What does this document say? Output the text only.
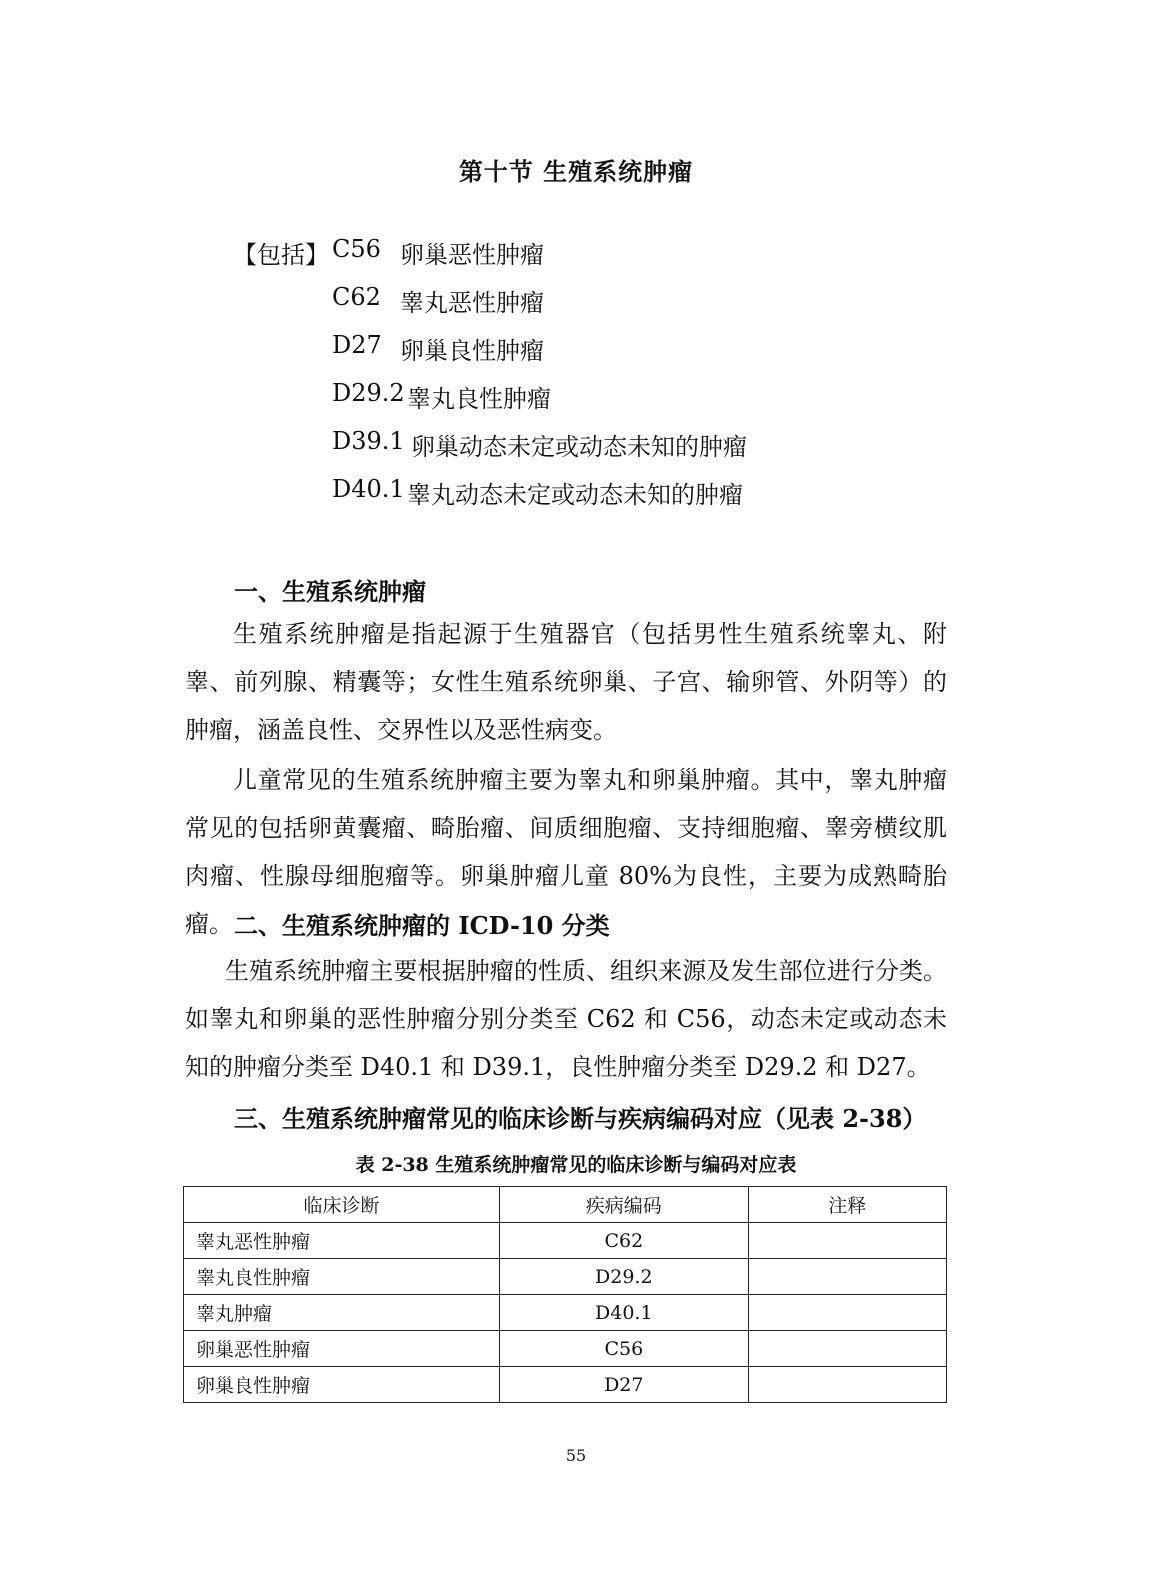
第十节 生殖系统肿瘤
【包括】 C56 卵巢恶性肿瘤
C62 睾丸恶性肿瘤
D27 卵巢良性肿瘤
D29.2 睾丸良性肿瘤
D39.1 卵巢动态未定或动态未知的肿瘤
D40.1 睾丸动态未定或动态未知的肿瘤
一、生殖系统肿瘤
生殖系统肿瘤是指起源于生殖器官（包括男性生殖系统睾丸、附睾、前列腺、精囊等；女性生殖系统卵巢、子宫、输卵管、外阴等）的肿瘤，涵盖良性、交界性以及恶性病变。
儿童常见的生殖系统肿瘤主要为睾丸和卵巢肿瘤。其中，睾丸肿瘤常见的包括卵黄囊瘤、畸胎瘤、间质细胞瘤、支持细胞瘤、睾旁横纹肌肉瘤、性腺母细胞瘤等。卵巢肿瘤儿童 80%为良性，主要为成熟畸胎瘤。 二、生殖系统肿瘤的 ICD-10 分类
生殖系统肿瘤主要根据肿瘤的性质、组织来源及发生部位进行分类。如睾丸和卵巢的恶性肿瘤分别分类至 C62 和 C56，动态未定或动态未知的肿瘤分类至 D40.1 和 D39.1，良性肿瘤分类至 D29.2 和 D27。
三、生殖系统肿瘤常见的临床诊断与疾病编码对应（见表 2-38）
表 2-38 生殖系统肿瘤常见的临床诊断与编码对应表
临床诊断	疾病编码	注释
睾丸恶性肿瘤	C62	
睾丸良性肿瘤	D29.2	
睾丸肿瘤	D40.1	
卵巢恶性肿瘤	C56	
卵巢良性肿瘤	D27	
55
